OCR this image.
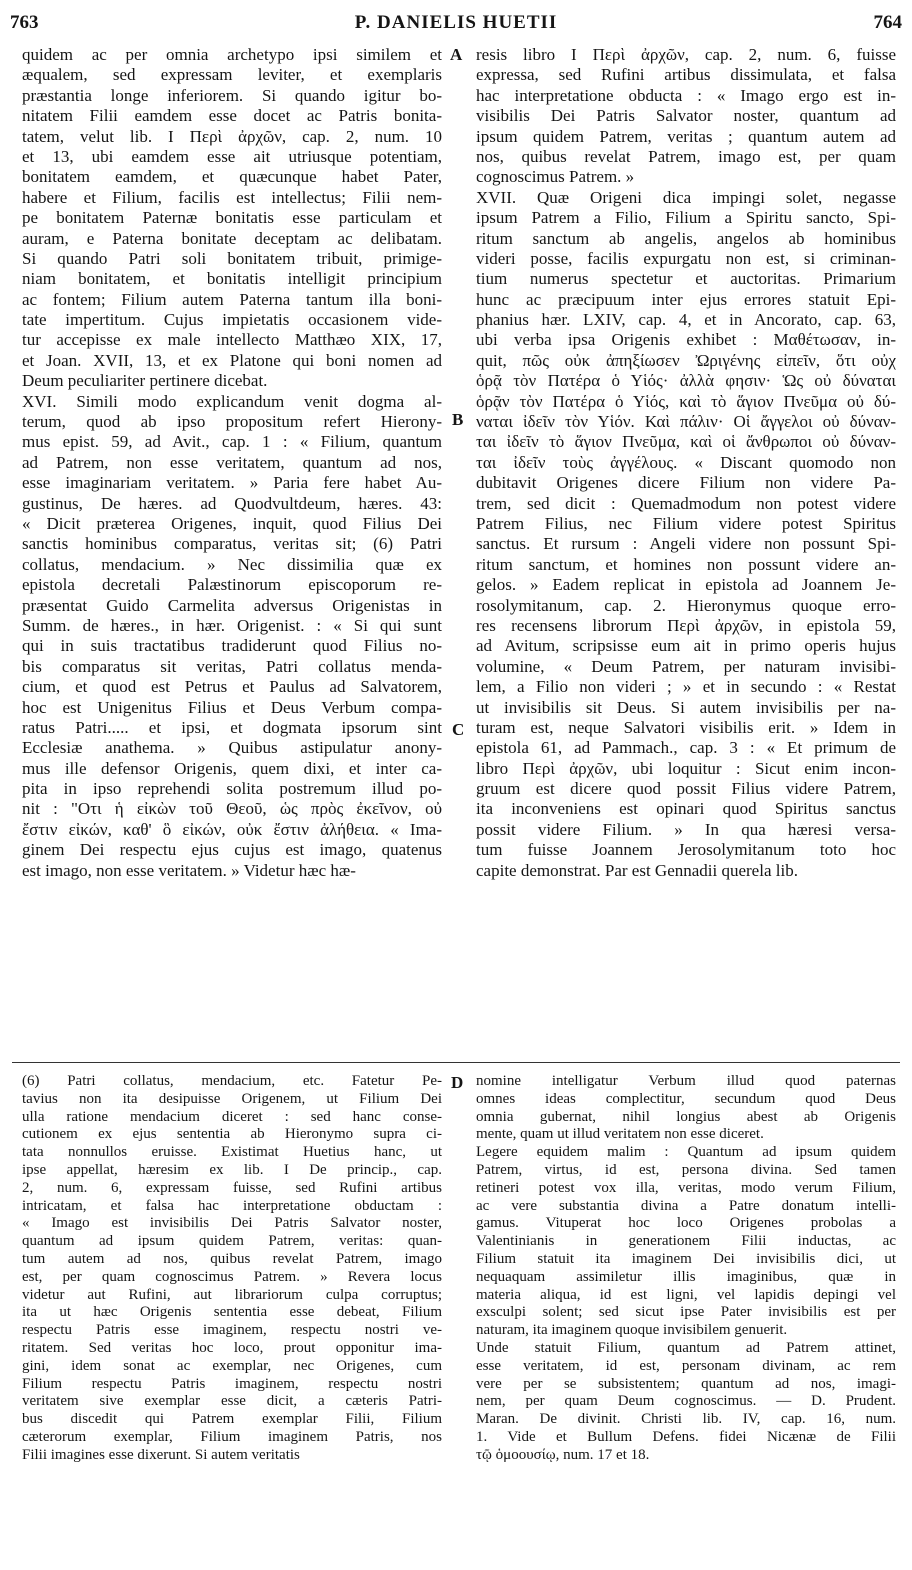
763	P. DANIELIS HUETII	764
A
B
C
D
quidem ac per omnia archetypo ipsi similem et
æqualem, sed expressam leviter, et exemplaris
præstantia longe inferiorem. Si quando igitur bo-
nitatem Filii eamdem esse docet ac Patris bonita-
tatem, velut lib. I Περὶ ἀρχῶν, cap. 2, num. 10
et 13, ubi eamdem esse ait utriusque potentiam,
bonitatem eamdem, et quæcunque habet Pater,
habere et Filium, facilis est intellectus; Filii nem-
pe bonitatem Paternæ bonitatis esse particulam et
auram, e Paterna bonitate deceptam ac delibatam.
Si quando Patri soli bonitatem tribuit, primige-
niam bonitatem, et bonitatis intelligit principium
ac fontem; Filium autem Paterna tantum illa boni-
tate impertitum. Cujus impietatis occasionem vide-
tur accepisse ex male intellecto Matthæo XIX, 17,
et Joan. XVII, 13, et ex Platone qui boni nomen ad
Deum peculiariter pertinere dicebat.
XVI. Simili modo explicandum venit dogma al-
terum, quod ab ipso propositum refert Hierony-
mus epist. 59, ad Avit., cap. 1 : « Filium, quantum
ad Patrem, non esse veritatem, quantum ad nos,
esse imaginariam veritatem. » Paria fere habet Au-
gustinus, De hæres. ad Quodvultdeum, hæres. 43:
« Dicit præterea Origenes, inquit, quod Filius Dei
sanctis hominibus comparatus, veritas sit; (6) Patri
collatus, mendacium. » Nec dissimilia quæ ex
epistola decretali Palæstinorum episcoporum re-
præsentat Guido Carmelita adversus Origenistas in
Summ. de hæres., in hær. Origenist. : « Si qui sunt
qui in suis tractatibus tradiderunt quod Filius no-
bis comparatus sit veritas, Patri collatus menda-
cium, et quod est Petrus et Paulus ad Salvatorem,
hoc est Unigenitus Filius et Deus Verbum compa-
ratus Patri..... et ipsi, et dogmata ipsorum sint
Ecclesiæ anathema. » Quibus astipulatur anony-
mus ille defensor Origenis, quem dixi, et inter ca-
pita in ipso reprehendi solita postremum illud po-
nit : "Οτι ἡ εἰκὼν τοῦ Θεοῦ, ὡς πρὸς ἐκεῖνον, οὐ
ἔστιν εἰκών, καθ' ὃ εἰκών, οὐκ ἔστιν ἀλήθεια. « Ima-
ginem Dei respectu ejus cujus est imago, quatenus
est imago, non esse veritatem. » Videtur hæc hæ-
resis libro I Περὶ ἀρχῶν, cap. 2, num. 6, fuisse
expressa, sed Rufini artibus dissimulata, et falsa
hac interpretatione obducta : « Imago ergo est in-
visibilis Dei Patris Salvator noster, quantum ad
ipsum quidem Patrem, veritas ; quantum autem ad
nos, quibus revelat Patrem, imago est, per quam
cognoscimus Patrem. »
XVII. Quæ Origeni dica impingi solet, negasse
ipsum Patrem a Filio, Filium a Spiritu sancto, Spi-
ritum sanctum ab angelis, angelos ab hominibus
videri posse, facilis expurgatu non est, si criminan-
tium numerus spectetur et auctoritas. Primarium
hunc ac præcipuum inter ejus errores statuit Epi-
phanius hær. LXIV, cap. 4, et in Ancorato, cap. 63,
ubi verba ipsa Origenis exhibet : Μαθέτωσαν, in-
quit, πῶς οὐκ ἀπηξίωσεν Ὠριγένης εἰπεῖν, ὅτι οὐχ
ὁρᾷ τὸν Πατέρα ὁ Υἱός· ἀλλὰ φησιν· Ὡς οὐ δύναται
ὁρᾷν τὸν Πατέρα ὁ Υἱός, καὶ τὸ ἅγιον Πνεῦμα οὐ δύ-
ναται ἰδεῖν τὸν Υἱόν. Καὶ πάλιν· Οἱ ἄγγελοι οὐ δύναν-
ται ἰδεῖν τὸ ἅγιον Πνεῦμα, καὶ οἱ ἄνθρωποι οὐ δύναν-
ται ἰδεῖν τοὺς ἀγγέλους. « Discant quomodo non
dubitavit Origenes dicere Filium non videre Pa-
trem, sed dicit : Quemadmodum non potest videre
Patrem Filius, nec Filium videre potest Spiritus
sanctus. Et rursum : Angeli videre non possunt Spi-
ritum sanctum, et homines non possunt videre an-
gelos. » Eadem replicat in epistola ad Joannem Je-
rosolymitanum, cap. 2. Hieronymus quoque erro-
res recensens librorum Περὶ ἀρχῶν, in epistola 59,
ad Avitum, scripsisse eum ait in primo operis hujus
volumine, « Deum Patrem, per naturam invisibi-
lem, a Filio non videri ; » et in secundo : « Restat
ut invisibilis sit Deus. Si autem invisibilis per na-
turam est, neque Salvatori visibilis erit. » Idem in
epistola 61, ad Pammach., cap. 3 : « Et primum de
libro Περὶ ἀρχῶν, ubi loquitur : Sicut enim incon-
gruum est dicere quod possit Filius videre Patrem,
ita inconveniens est opinari quod Spiritus sanctus
possit videre Filium. » In qua hæresi versa-
tum fuisse Joannem Jerosolymitanum toto hoc
capite demonstrat. Par est Gennadii querela lib.
(6) Patri collatus, mendacium, etc. Fatetur Pe-
tavius non ita desipuisse Origenem, ut Filium Dei
ulla ratione mendacium diceret : sed hanc conse-
cutionem ex ejus sententia ab Hieronymo supra ci-
tata nonnullos eruisse. Existimat Huetius hanc, ut
ipse appellat, hæresim ex lib. I De princip., cap.
2, num. 6, expressam fuisse, sed Rufini artibus
intricatam, et falsa hac interpretatione obductam :
« Imago est invisibilis Dei Patris Salvator noster,
quantum ad ipsum quidem Patrem, veritas: quan-
tum autem ad nos, quibus revelat Patrem, imago
est, per quam cognoscimus Patrem. » Revera locus
videtur aut Rufini, aut librariorum culpa corruptus;
ita ut hæc Origenis sententia esse debeat, Filium
respectu Patris esse imaginem, respectu nostri ve-
ritatem. Sed veritas hoc loco, prout opponitur ima-
gini, idem sonat ac exemplar, nec Origenes, cum
Filium respectu Patris imaginem, respectu nostri
veritatem sive exemplar esse dicit, a cæteris Patri-
bus discedit qui Patrem exemplar Filii, Filium
cæterorum exemplar, Filium imaginem Patris, nos
Filii imagines esse dixerunt. Si autem veritatis
nomine intelligatur Verbum illud quod paternas
omnes ideas complectitur, secundum quod Deus
omnia gubernat, nihil longius abest ab Origenis
mente, quam ut illud veritatem non esse diceret.
Legere equidem malim : Quantum ad ipsum quidem
Patrem, virtus, id est, persona divina. Sed tamen
retineri potest vox illa, veritas, modo verum Filium,
ac vere substantia divina a Patre donatum intelli-
gamus. Vituperat hoc loco Origenes probolas a
Valentinianis in generationem Filii inductas, ac
Filium statuit ita imaginem Dei invisibilis dici, ut
nequaquam assimiletur illis imaginibus, quæ in
materia aliqua, id est ligni, vel lapidis depingi vel
exsculpi solent; sed sicut ipse Pater invisibilis est per
naturam, ita imaginem quoque invisibilem genuerit.
Unde statuit Filium, quantum ad Patrem attinet,
esse veritatem, id est, personam divinam, ac rem
vere per se subsistentem; quantum ad nos, imagi-
nem, per quam Deum cognoscimus. — D. Prudent.
Maran. De divinit. Christi lib. IV, cap. 16, num.
1. Vide et Bullum Defens. fidei Nicænæ de Filii
τῷ ὁμοουσίῳ, num. 17 et 18.
